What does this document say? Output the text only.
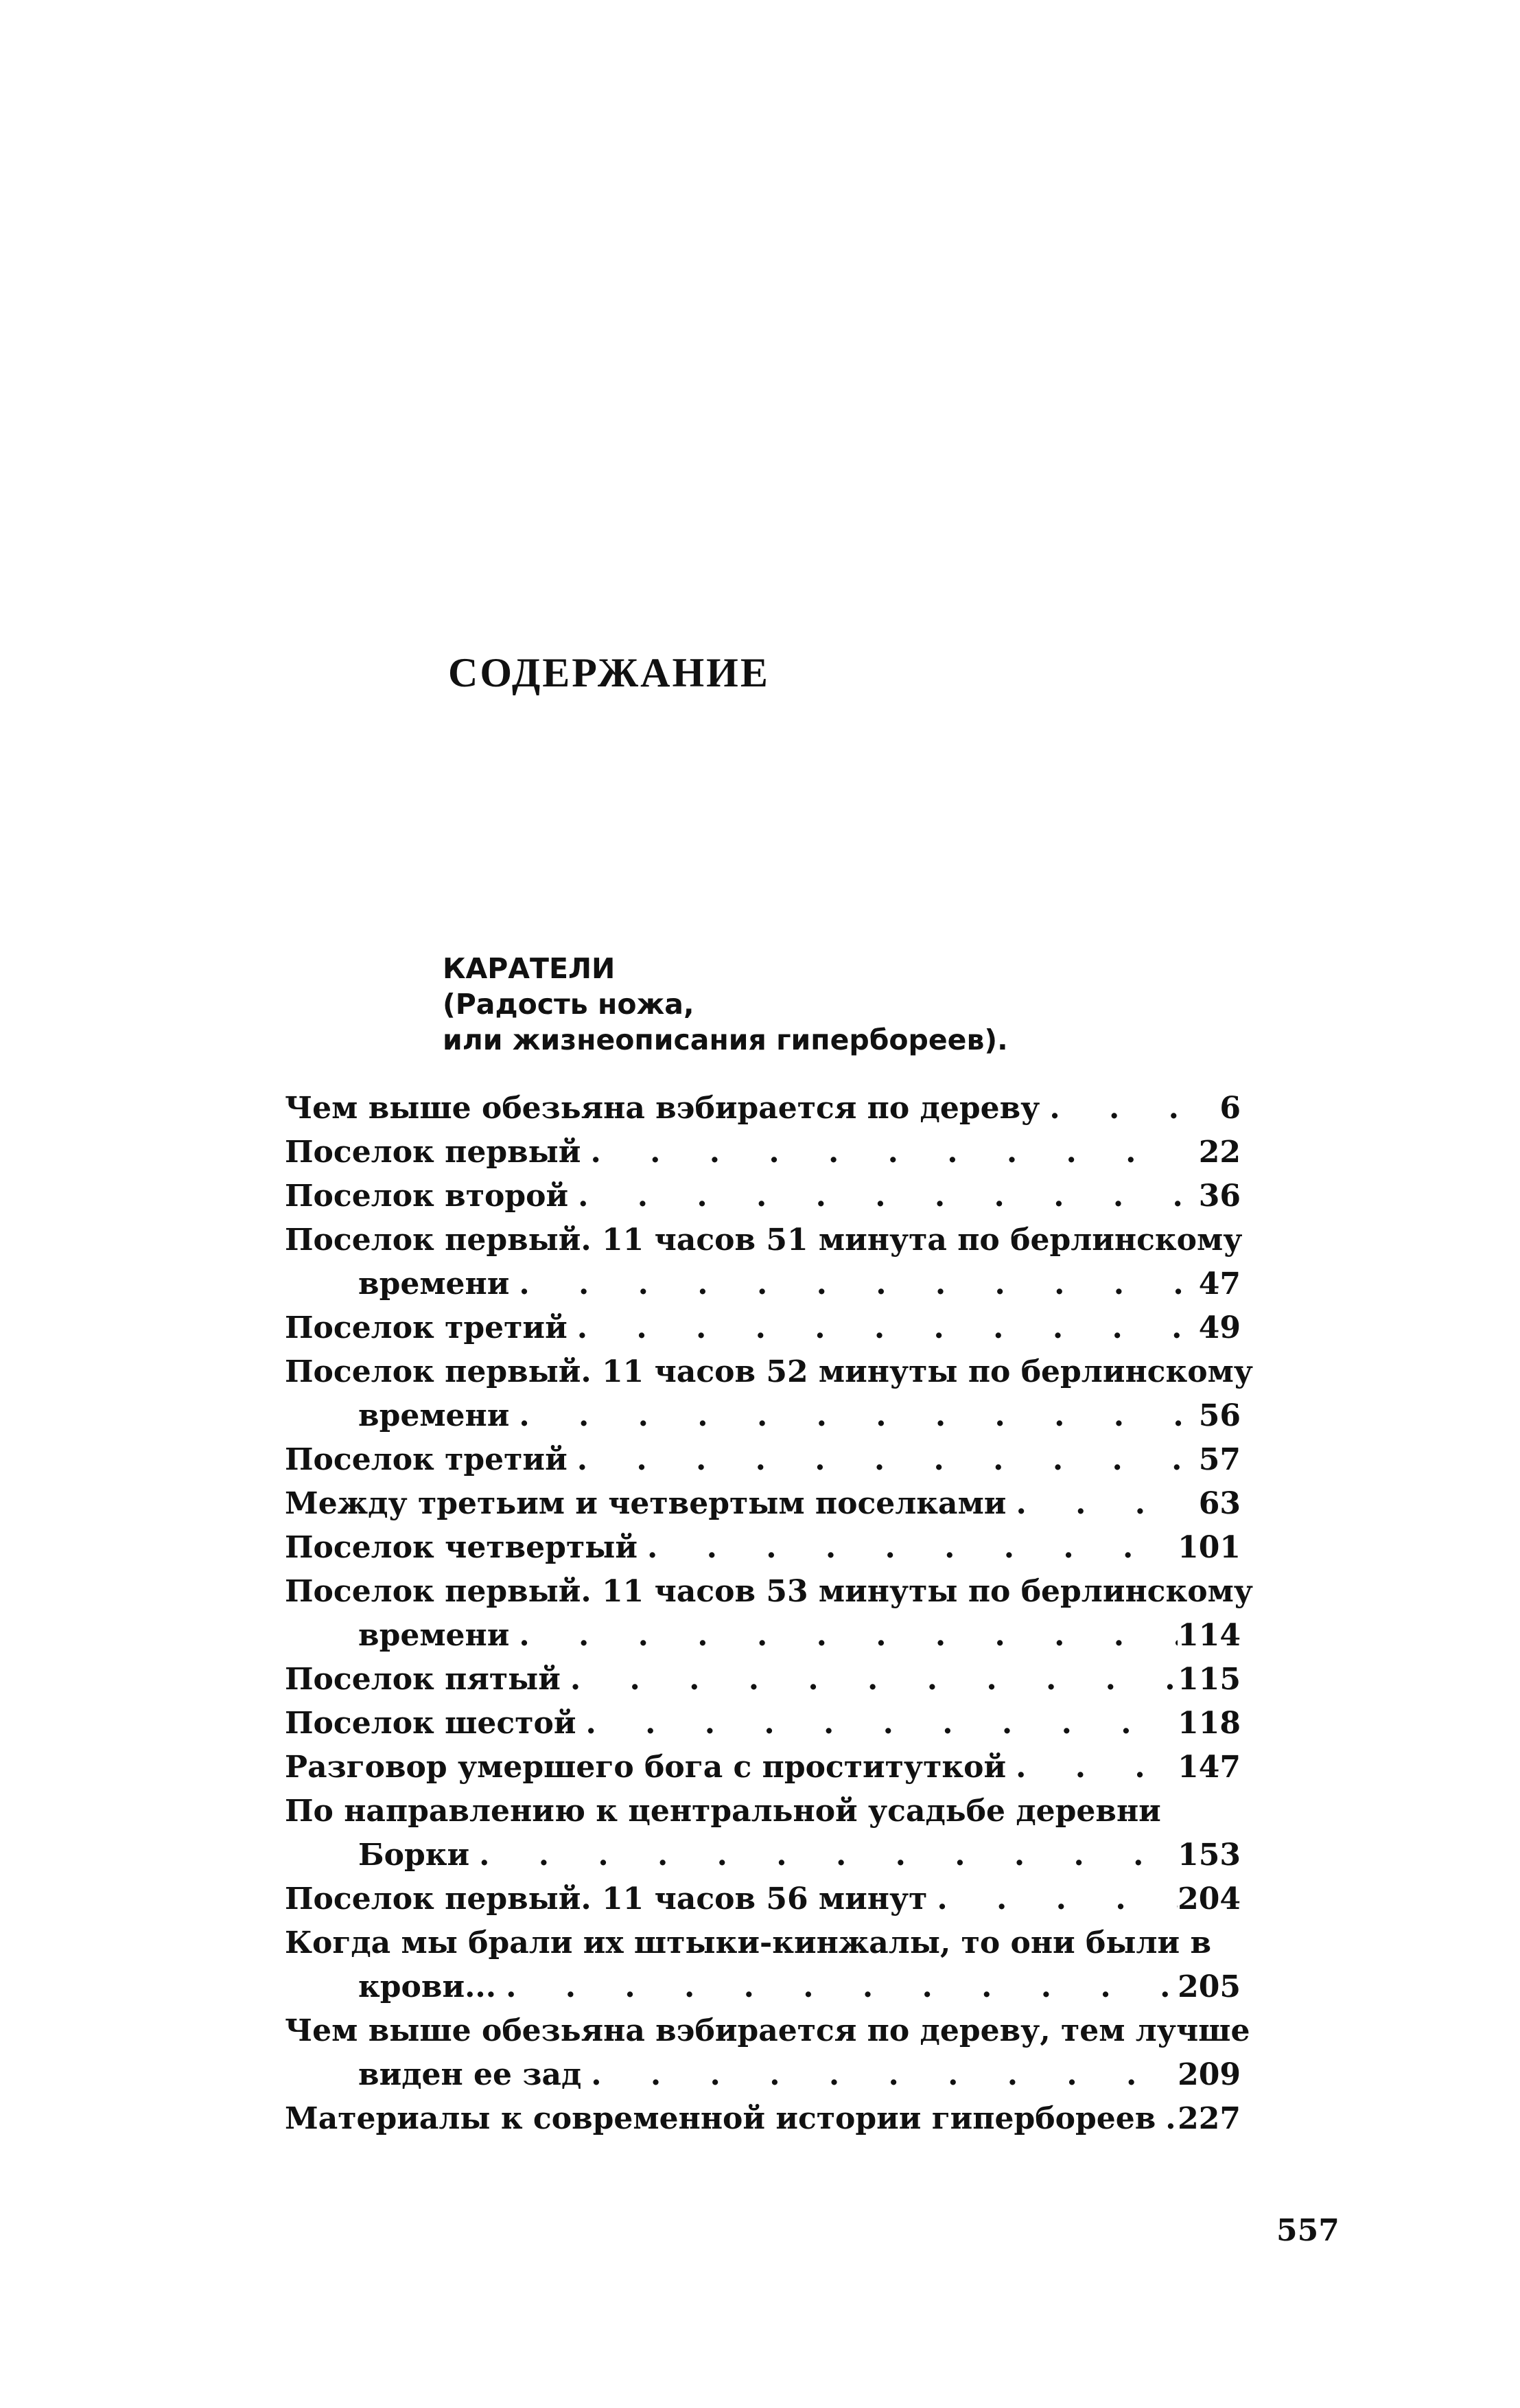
СОДЕРЖАНИЕ
КАРАТЕЛИ
(Радость ножа,
или жизнеописания гипербореев).
Чем выше обезьяна вэбирается по дереву . . .	6
Поселок первый . . .	22
Поселок второй . . .	36
Поселок первый. 11 часов 51 минута по берлинскому
времени . . .	47
Поселок третий . . .	49
Поселок первый. 11 часов 52 минуты по берлинскому
времени . . .	56
Поселок третий . . .	57
Между третьим и четвертым поселками . . .	63
Поселок четвертый . . .	101
Поселок первый. 11 часов 53 минуты по берлинскому
времени . . .	114
Поселок пятый . . .	115
Поселок шестой . . .	118
Разговор умершего бога с проституткой . . .	147
По направлению к центральной усадьбе деревни
Борки . . .	153
Поселок первый. 11 часов 56 минут . . .	204
Когда мы брали их штыки-кинжалы, то они были в
крови... . . .	205
Чем выше обезьяна вэбирается по дереву, тем лучше
виден ее зад . . .	209
Материалы к современной истории гипербореев . . . 227
557
